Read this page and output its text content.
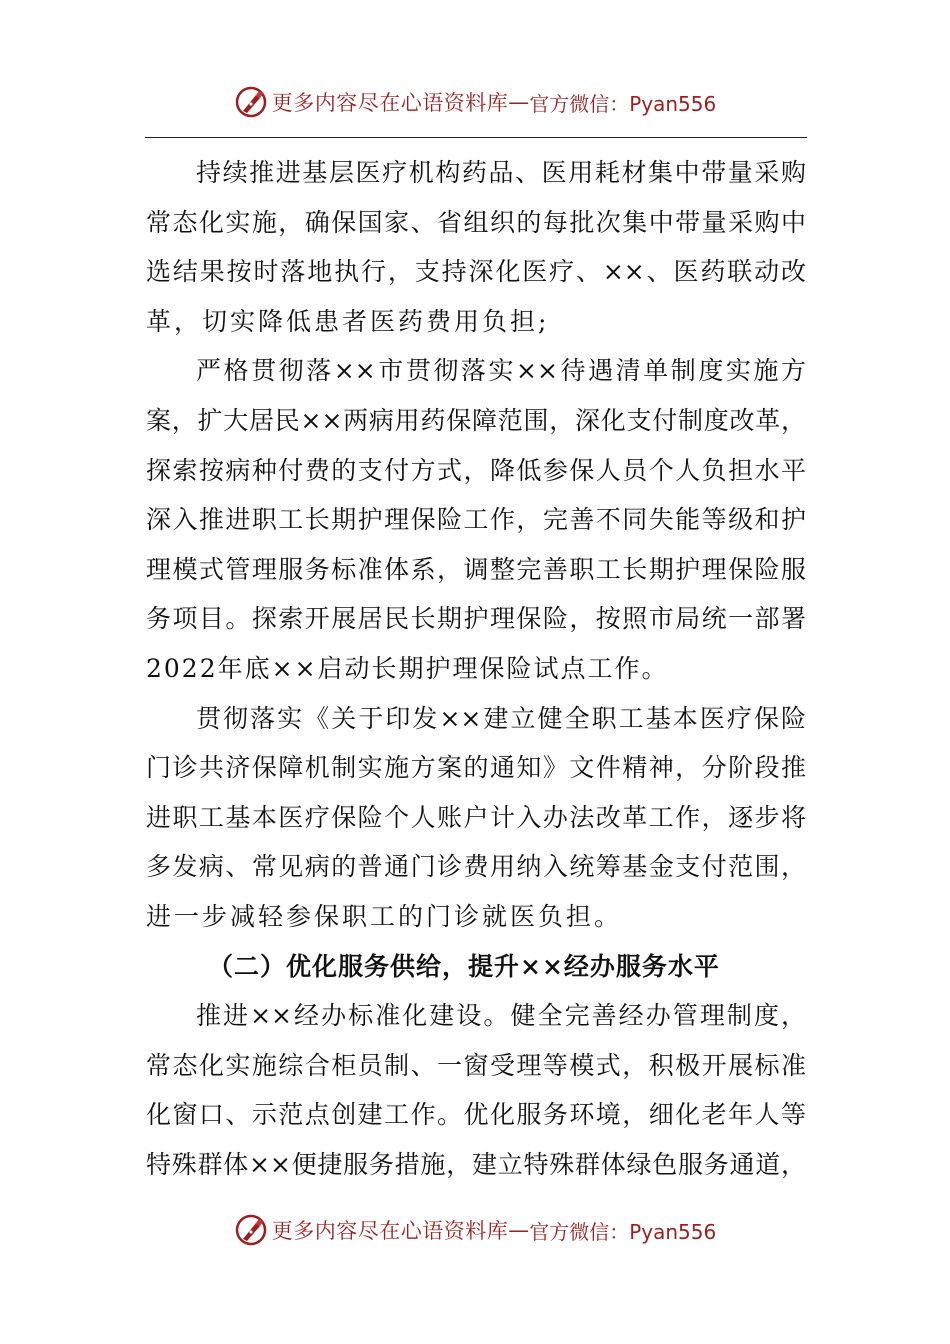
更多内容尽在心语资料库 — 官方微信：Pyan556
持续推进基层医疗机构药品、医用耗材集中带量采购
常态化实施，确保国家、省组织的每批次集中带量采购中
选结果按时落地执行，支持深化医疗、××、医药联动改
革，切实降低患者医药费用负担;
严格贯彻落××市贯彻落实××待遇清单制度实施方
案，扩大居民××两病用药保障范围，深化支付制度改革，
探索按病种付费的支付方式，降低参保人员个人负担水平
深入推进职工长期护理保险工作，完善不同失能等级和护
理模式管理服务标准体系，调整完善职工长期护理保险服
务项目。探索开展居民长期护理保险，按照市局统一部署
2022年底××启动长期护理保险试点工作。
贯彻落实《关于印发××建立健全职工基本医疗保险
门诊共济保障机制实施方案的通知》文件精神，分阶段推
进职工基本医疗保险个人账户计入办法改革工作，逐步将
多发病、常见病的普通门诊费用纳入统筹基金支付范围，
进一步减轻参保职工的门诊就医负担。
（二）优化服务供给，提升××经办服务水平
推进××经办标准化建设。健全完善经办管理制度，
常态化实施综合柜员制、一窗受理等模式，积极开展标准
化窗口、示范点创建工作。优化服务环境，细化老年人等
特殊群体××便捷服务措施，建立特殊群体绿色服务通道，
更多内容尽在心语资料库 — 官方微信：Pyan556
